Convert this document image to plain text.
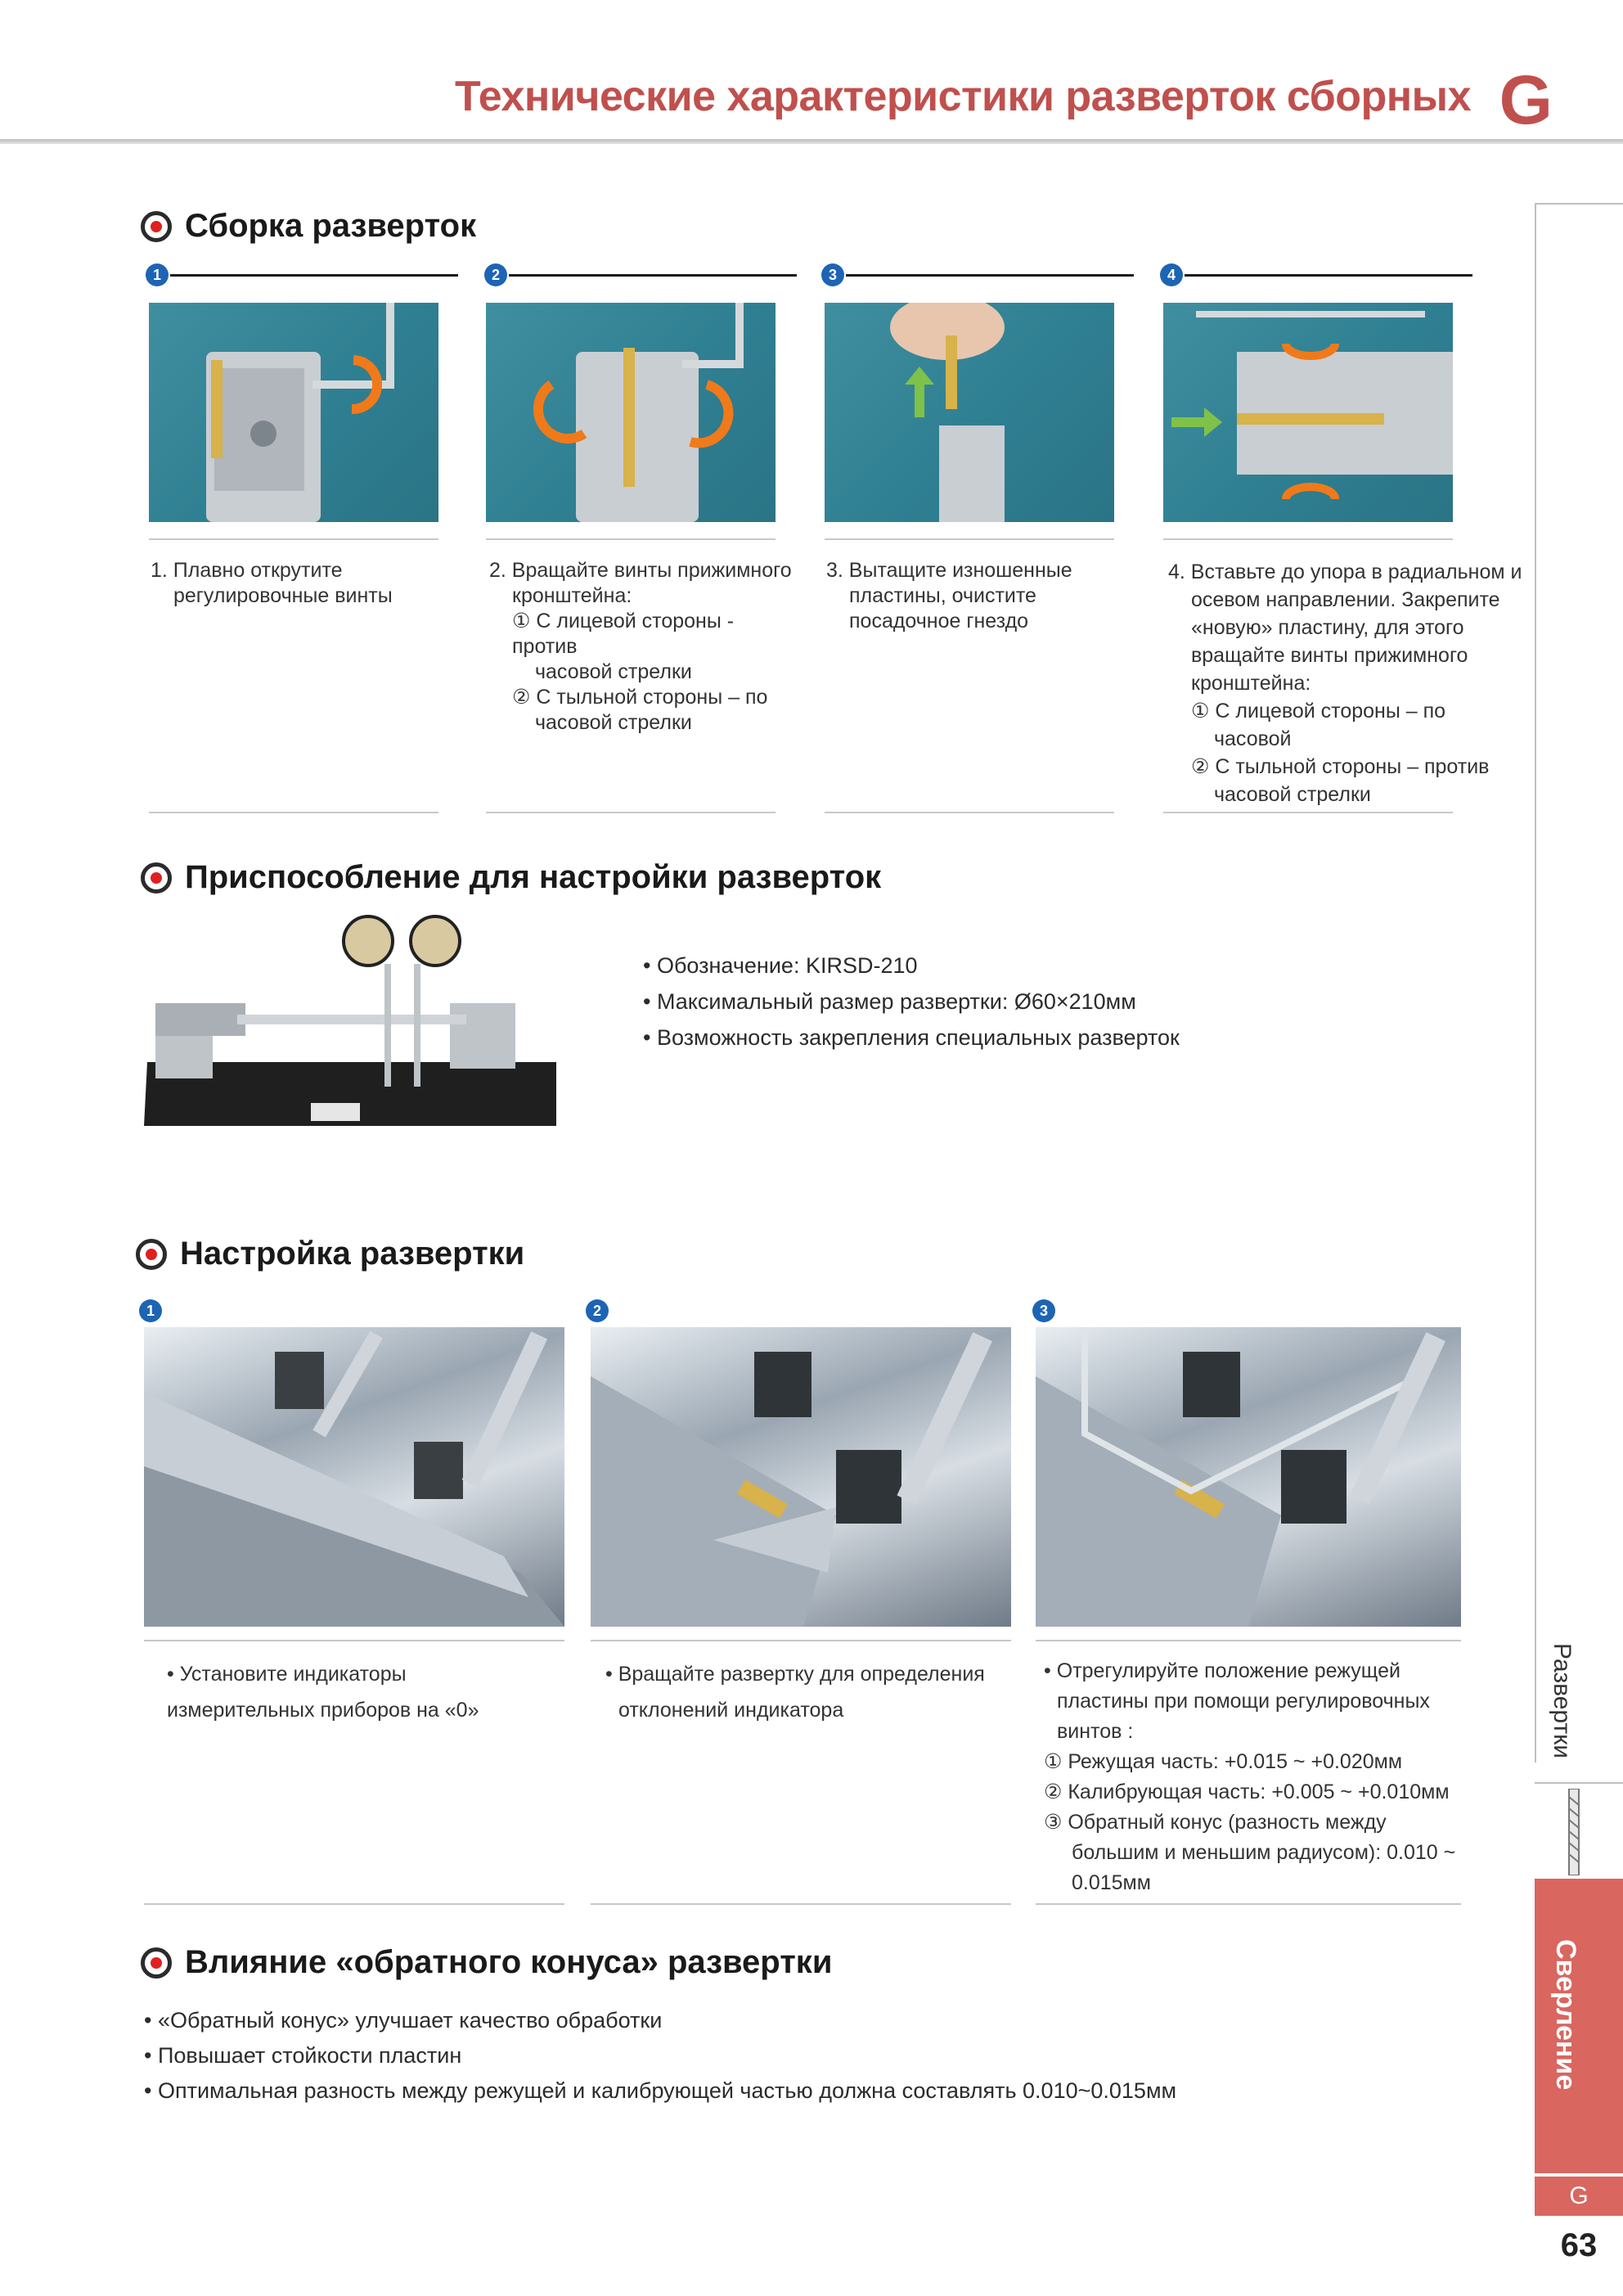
Технические характеристики разверток сборных G
Сборка разверток
1	2	3	4
1. Плавно открутите
регулировочные винты
2. Вращайте винты прижимного
кронштейна:
① С лицевой стороны - против
часовой стрелки
② С тыльной стороны – по
часовой стрелки
3. Вытащите изношенные
пластины, очистите
посадочное гнездо
4. Вставьте до упора в радиальном и
осевом направлении. Закрепите
«новую» пластину, для этого
вращайте винты прижимного
кронштейна:
① С лицевой стороны – по
часовой
② С тыльной стороны – против
часовой стрелки
Приспособление для настройки разверток
• Обозначение: KIRSD-210
• Максимальный размер развертки: Ø60×210мм
• Возможность закрепления специальных разверток
Настройка развертки
1	2	3
• Установите индикаторы
измерительных приборов на «0»
• Вращайте развертку для определения
отклонений индикатора
• Отрегулируйте положение режущей
пластины при помощи регулировочных
винтов :
① Режущая часть: +0.015 ~ +0.020мм
② Калибрующая часть: +0.005 ~ +0.010мм
③ Обратный конус (разность между
большим и меньшим радиусом): 0.010 ~
0.015мм
Влияние «обратного конуса» развертки
• «Обратный конус» улучшает качество обработки
• Повышает стойкости пластин
• Оптимальная разность между режущей и калибрующей частью должна составлять 0.010~0.015мм
Развертки
Сверление
G
63
